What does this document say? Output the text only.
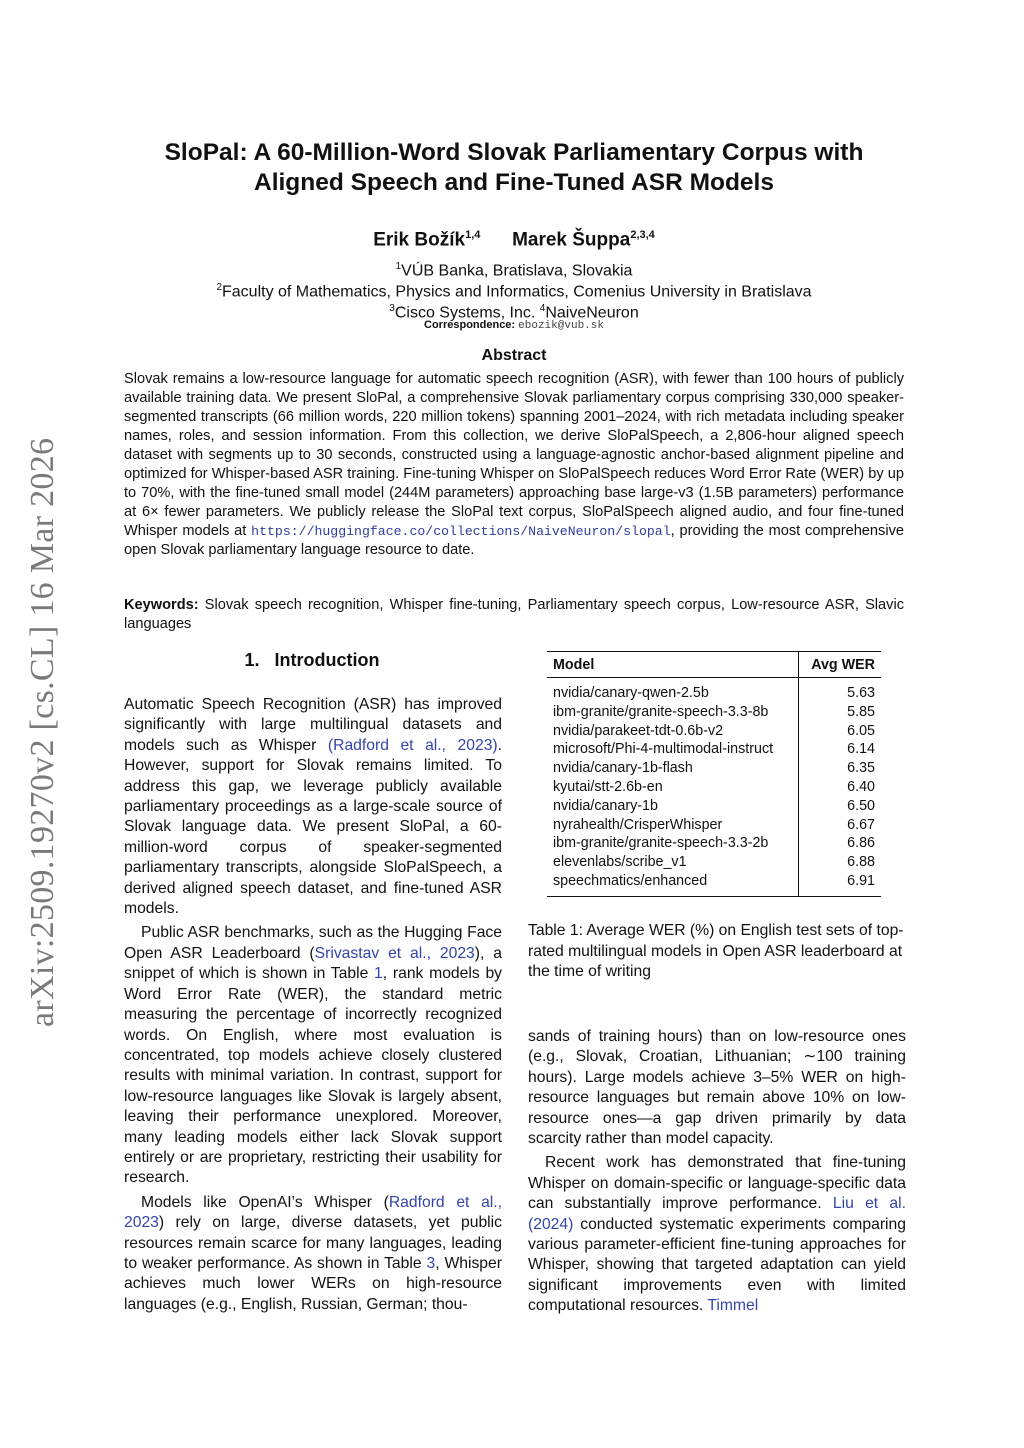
arXiv:2509.19270v2 [cs.CL] 16 Mar 2026
SloPal: A 60-Million-Word Slovak Parliamentary Corpus with
Aligned Speech and Fine-Tuned ASR Models
Erik Božík$^{1,4}$ Marek Šuppa$^{2,3,4}$
$^1$VÚB Banka, Bratislava, Slovakia
$^2$Faculty of Mathematics, Physics and Informatics, Comenius University in Bratislava
$^3$Cisco Systems, Inc. $^4$NaiveNeuron
Correspondence: ebozik@vub.sk
Abstract
Slovak remains a low-resource language for automatic speech recognition (ASR), with fewer than 100 hours of publicly available training data. We present SloPal, a comprehensive Slovak parliamentary corpus comprising 330,000 speaker-segmented transcripts (66 million words, 220 million tokens) spanning 2001–2024, with rich metadata including speaker names, roles, and session information. From this collection, we derive SloPalSpeech, a 2,806-hour aligned speech dataset with segments up to 30 seconds, constructed using a language-agnostic anchor-based alignment pipeline and optimized for Whisper-based ASR training. Fine-tuning Whisper on SloPalSpeech reduces Word Error Rate (WER) by up to 70%, with the fine-tuned small model (244M parameters) approaching base large-v3 (1.5B parameters) performance at 6× fewer parameters. We publicly release the SloPal text corpus, SloPalSpeech aligned audio, and four fine-tuned Whisper models at https://huggingface.co/collections/NaiveNeuron/slopal, providing the most comprehensive open Slovak parliamentary language resource to date.
Keywords: Slovak speech recognition, Whisper fine-tuning, Parliamentary speech corpus, Low-resource ASR, Slavic languages
1. Introduction

Automatic Speech Recognition (ASR) has improved significantly with large multilingual datasets and models such as Whisper (Radford et al., 2023). However, support for Slovak remains limited. To address this gap, we leverage publicly available parliamentary proceedings as a large-scale source of Slovak language data. We present SloPal, a 60-million-word corpus of speaker-segmented parliamentary transcripts, alongside SloPalSpeech, a derived aligned speech dataset, and fine-tuned ASR models.

Public ASR benchmarks, such as the Hugging Face Open ASR Leaderboard (Srivastav et al., 2023), a snippet of which is shown in Table 1, rank models by Word Error Rate (WER), the standard metric measuring the percentage of incorrectly recognized words. On English, where most evaluation is concentrated, top models achieve closely clustered results with minimal variation. In contrast, support for low-resource languages like Slovak is largely absent, leaving their performance unexplored. Moreover, many leading models either lack Slovak support entirely or are proprietary, restricting their usability for research.

Models like OpenAI’s Whisper (Radford et al., 2023) rely on large, diverse datasets, yet public resources remain scarce for many languages, leading to weaker performance. As shown in Table 3, Whisper achieves much lower WERs on high-resource languages (e.g., English, Russian, German; thou-

Model	Avg WER
nvidia/canary-qwen-2.5b	5.63
ibm-granite/granite-speech-3.3-8b	5.85
nvidia/parakeet-tdt-0.6b-v2	6.05
microsoft/Phi-4-multimodal-instruct	6.14
nvidia/canary-1b-flash	6.35
kyutai/stt-2.6b-en	6.40
nvidia/canary-1b	6.50
nyrahealth/CrisperWhisper	6.67
ibm-granite/granite-speech-3.3-2b	6.86
elevenlabs/scribe_v1	6.88
speechmatics/enhanced	6.91
Table 1: Average WER (%) on English test sets of top-rated multilingual models in Open ASR leaderboard at the time of writing

sands of training hours) than on low-resource ones (e.g., Slovak, Croatian, Lithuanian; ∼100 training hours). Large models achieve 3–5% WER on high-resource languages but remain above 10% on low-resource ones—a gap driven primarily by data scarcity rather than model capacity.

Recent work has demonstrated that fine-tuning Whisper on domain-specific or language-specific data can substantially improve performance. Liu et al. (2024) conducted systematic experiments comparing various parameter-efficient fine-tuning approaches for Whisper, showing that targeted adaptation can yield significant improvements even with limited computational resources. Timmel
